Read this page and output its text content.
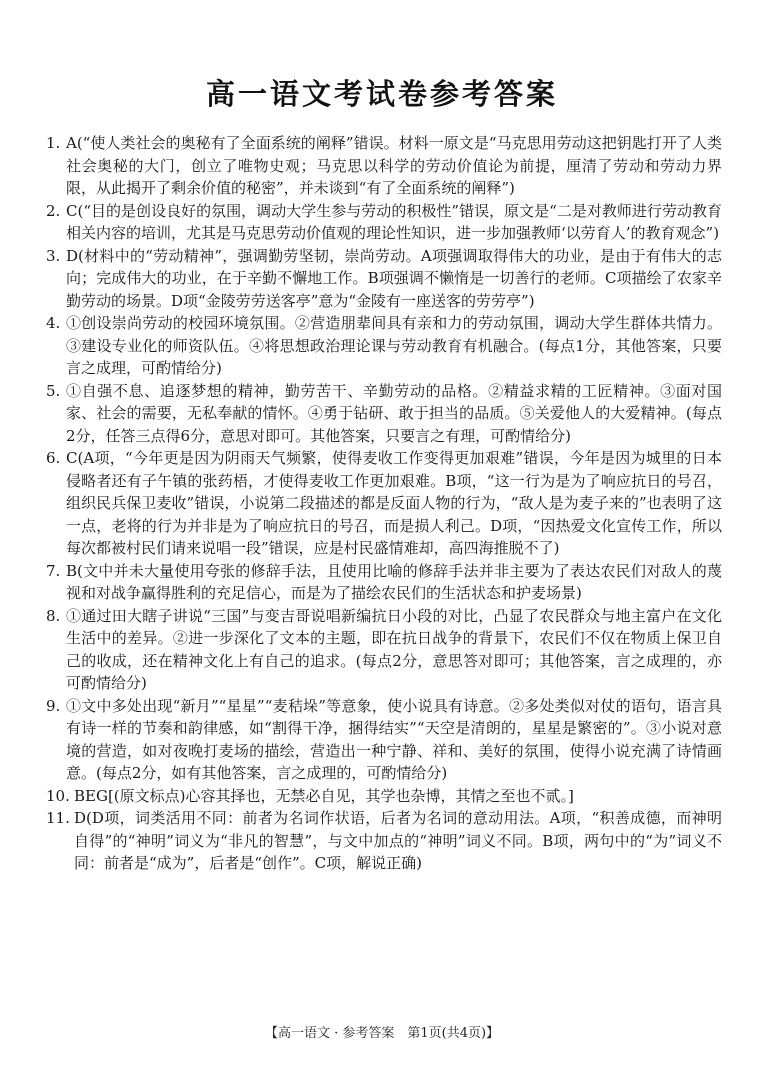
高一语文考试卷参考答案
1. A(“使人类社会的奥秘有了全面系统的阐释”错误。材料一原文是“马克思用劳动这把钥匙打开了人类社会奥秘的大门，创立了唯物史观；马克思以科学的劳动价值论为前提，厘清了劳动和劳动力界限，从此揭开了剩余价值的秘密”，并未谈到“有了全面系统的阐释”)
2. C(“目的是创设良好的氛围，调动大学生参与劳动的积极性”错误，原文是“二是对教师进行劳动教育相关内容的培训，尤其是马克思劳动价值观的理论性知识，进一步加强教师‘以劳育人’的教育观念”)
3. D(材料中的“劳动精神”，强调勤劳坚韧，崇尚劳动。A项强调取得伟大的功业，是由于有伟大的志向；完成伟大的功业，在于辛勤不懈地工作。B项强调不懒惰是一切善行的老师。C项描绘了农家辛勤劳动的场景。D项“金陵劳劳送客亭”意为“金陵有一座送客的劳劳亭”)
4. ①创设崇尚劳动的校园环境氛围。②营造朋辈间具有亲和力的劳动氛围，调动大学生群体共情力。③建设专业化的师资队伍。④将思想政治理论课与劳动教育有机融合。(每点1分，其他答案，只要言之成理，可酌情给分)
5. ①自强不息、追逐梦想的精神，勤劳苦干、辛勤劳动的品格。②精益求精的工匠精神。③面对国家、社会的需要，无私奉献的情怀。④勇于钻研、敢于担当的品质。⑤关爱他人的大爱精神。(每点2分，任答三点得6分，意思对即可。其他答案，只要言之有理，可酌情给分)
6. C(A项，“今年更是因为阴雨天气频繁，使得麦收工作变得更加艰难”错误，今年是因为城里的日本侵略者还有子午镇的张药梧，才使得麦收工作更加艰难。B项，“这一行为是为了响应抗日的号召，组织民兵保卫麦收”错误，小说第二段描述的都是反面人物的行为，“敌人是为麦子来的”也表明了这一点，老将的行为并非是为了响应抗日的号召，而是损人利己。D项，“因热爱文化宣传工作，所以每次都被村民们请来说唱一段”错误，应是村民盛情难却，高四海推脱不了)
7. B(文中并未大量使用夸张的修辞手法，且使用比喻的修辞手法并非主要为了表达农民们对敌人的蔑视和对战争赢得胜利的充足信心，而是为了描绘农民们的生活状态和护麦场景)
8. ①通过田大瞎子讲说“三国”与变吉哥说唱新编抗日小段的对比，凸显了农民群众与地主富户在文化生活中的差异。②进一步深化了文本的主题，即在抗日战争的背景下，农民们不仅在物质上保卫自己的收成，还在精神文化上有自己的追求。(每点2分，意思答对即可；其他答案，言之成理的，亦可酌情给分)
9. ①文中多处出现“新月”“星星”“麦秸垛”等意象，使小说具有诗意。②多处类似对仗的语句，语言具有诗一样的节奏和韵律感，如“割得干净，捆得结实”“天空是清朗的，星星是繁密的”。③小说对意境的营造，如对夜晚打麦场的描绘，营造出一种宁静、祥和、美好的氛围，使得小说充满了诗情画意。(每点2分，如有其他答案，言之成理的，可酌情给分)
10. BEG[(原文标点)心容其择也，无禁必自见，其学也杂博，其情之至也不贰。]
11. D(D项，词类活用不同：前者为名词作状语，后者为名词的意动用法。A项，“积善成德，而神明自得”的“神明”词义为“非凡的智慧”，与文中加点的“神明”词义不同。B项，两句中的“为”词义不同：前者是“成为”，后者是“创作”。C项，解说正确)
【高一语文 · 参考答案　第1页(共4页)】
